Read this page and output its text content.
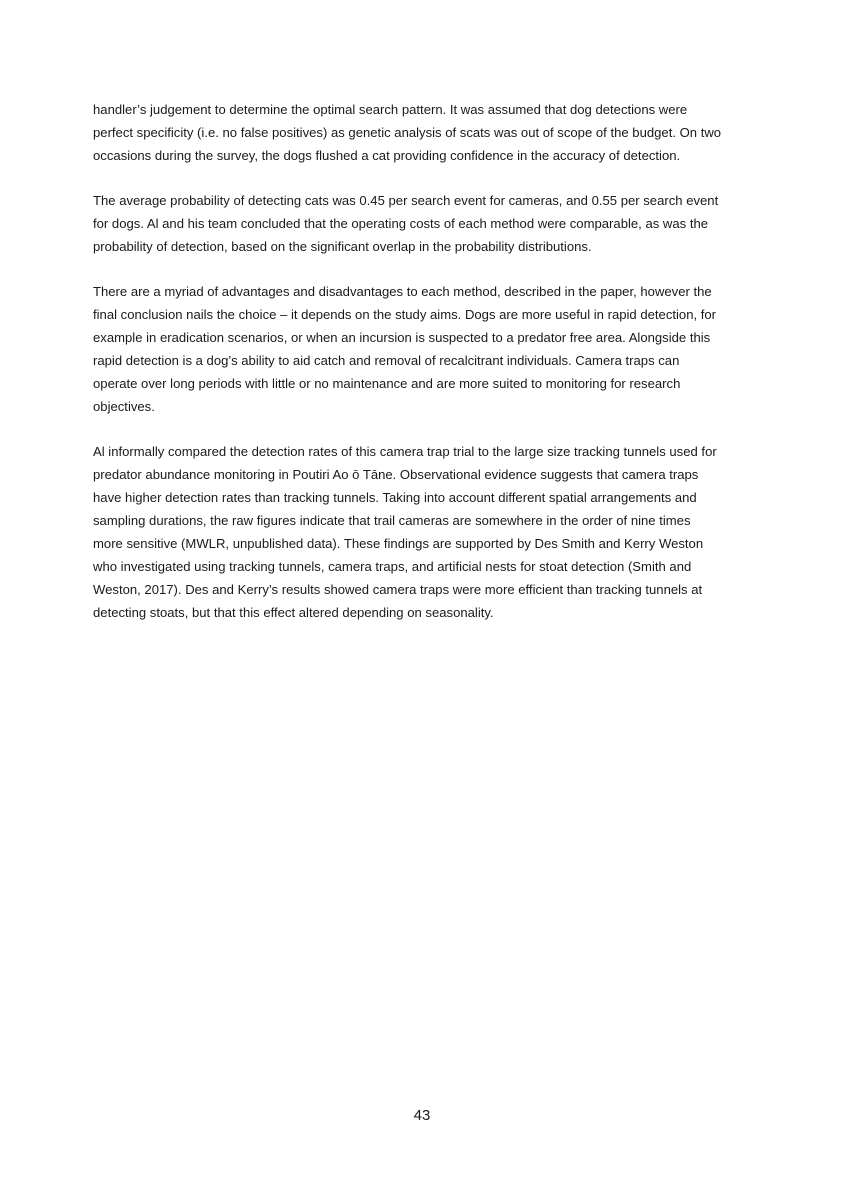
handler’s judgement to determine the optimal search pattern. It was assumed that dog detections were
perfect specificity (i.e. no false positives) as genetic analysis of scats was out of scope of the budget. On two
occasions during the survey, the dogs flushed a cat providing confidence in the accuracy of detection.

The average probability of detecting cats was 0.45 per search event for cameras, and 0.55 per search event
for dogs. Al and his team concluded that the operating costs of each method were comparable, as was the
probability of detection, based on the significant overlap in the probability distributions.

There are a myriad of advantages and disadvantages to each method, described in the paper, however the
final conclusion nails the choice – it depends on the study aims. Dogs are more useful in rapid detection, for
example in eradication scenarios, or when an incursion is suspected to a predator free area. Alongside this
rapid detection is a dog’s ability to aid catch and removal of recalcitrant individuals. Camera traps can
operate over long periods with little or no maintenance and are more suited to monitoring for research
objectives.

Al informally compared the detection rates of this camera trap trial to the large size tracking tunnels used for
predator abundance monitoring in Poutiri Ao ō Tāne. Observational evidence suggests that camera traps
have higher detection rates than tracking tunnels. Taking into account different spatial arrangements and
sampling durations, the raw figures indicate that trail cameras are somewhere in the order of nine times
more sensitive (MWLR, unpublished data). These findings are supported by Des Smith and Kerry Weston
who investigated using tracking tunnels, camera traps, and artificial nests for stoat detection (Smith and
Weston, 2017). Des and Kerry’s results showed camera traps were more efficient than tracking tunnels at
detecting stoats, but that this effect altered depending on seasonality.

43
